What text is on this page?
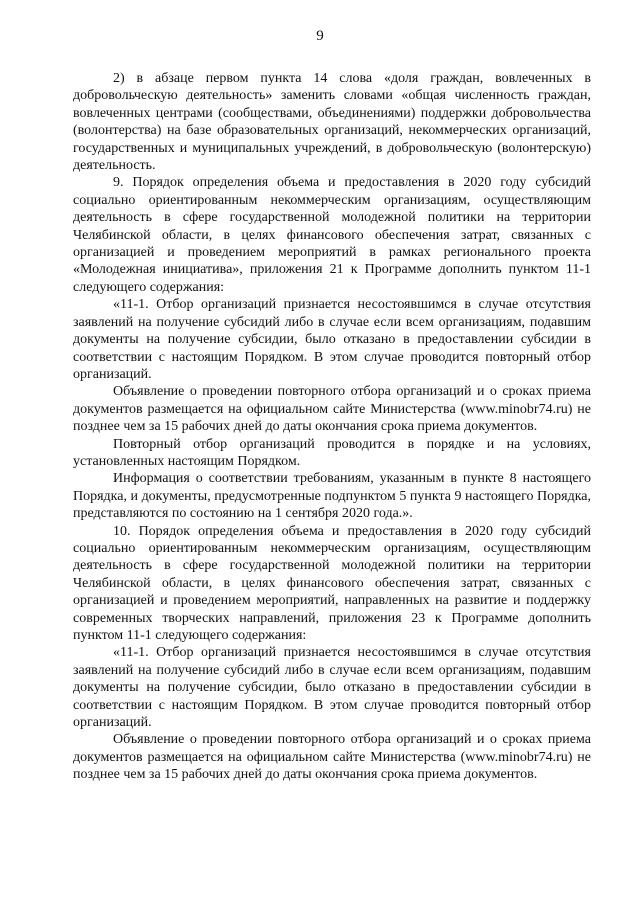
9

2) в абзаце первом пункта 14 слова «доля граждан, вовлеченных в добровольческую деятельность» заменить словами «общая численность граждан, вовлеченных центрами (сообществами, объединениями) поддержки добровольчества (волонтерства) на базе образовательных организаций, некоммерческих организаций, государственных и муниципальных учреждений, в добровольческую (волонтерскую) деятельность.

9. Порядок определения объема и предоставления в 2020 году субсидий социально ориентированным некоммерческим организациям, осуществляющим деятельность в сфере государственной молодежной политики на территории Челябинской области, в целях финансового обеспечения затрат, связанных с организацией и проведением мероприятий в рамках регионального проекта «Молодежная инициатива», приложения 21 к Программе дополнить пунктом 11-1 следующего содержания:

«11-1. Отбор организаций признается несостоявшимся в случае отсутствия заявлений на получение субсидий либо в случае если всем организациям, подавшим документы на получение субсидии, было отказано в предоставлении субсидии в соответствии с настоящим Порядком. В этом случае проводится повторный отбор организаций.

Объявление о проведении повторного отбора организаций и о сроках приема документов размещается на официальном сайте Министерства (www.minobr74.ru) не позднее чем за 15 рабочих дней до даты окончания срока приема документов.

Повторный отбор организаций проводится в порядке и на условиях, установленных настоящим Порядком.

Информация о соответствии требованиям, указанным в пункте 8 настоящего Порядка, и документы, предусмотренные подпунктом 5 пункта 9 настоящего Порядка, представляются по состоянию на 1 сентября 2020 года.».

10. Порядок определения объема и предоставления в 2020 году субсидий социально ориентированным некоммерческим организациям, осуществляющим деятельность в сфере государственной молодежной политики на территории Челябинской области, в целях финансового обеспечения затрат, связанных с организацией и проведением мероприятий, направленных на развитие и поддержку современных творческих направлений, приложения 23 к Программе дополнить пунктом 11-1 следующего содержания:

«11-1. Отбор организаций признается несостоявшимся в случае отсутствия заявлений на получение субсидий либо в случае если всем организациям, подавшим документы на получение субсидии, было отказано в предоставлении субсидии в соответствии с настоящим Порядком. В этом случае проводится повторный отбор организаций.

Объявление о проведении повторного отбора организаций и о сроках приема документов размещается на официальном сайте Министерства (www.minobr74.ru) не позднее чем за 15 рабочих дней до даты окончания срока приема документов.
